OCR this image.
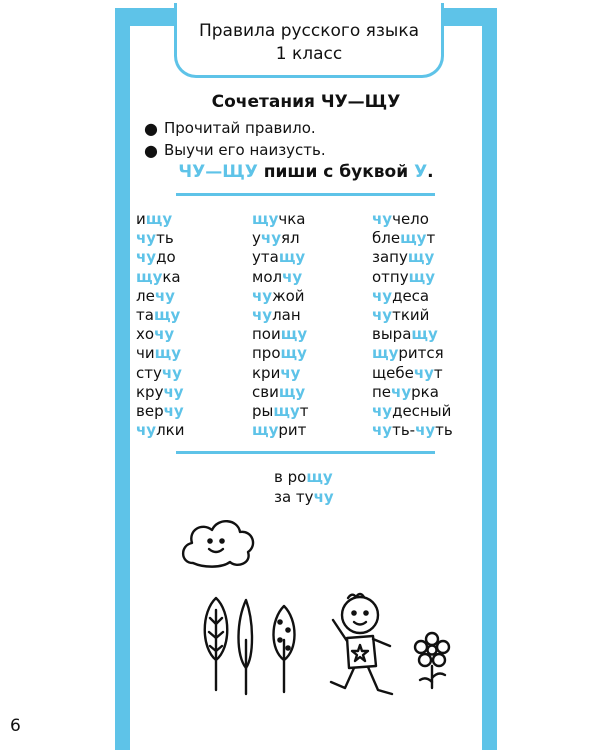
Правила русского языка
1 класс
6
Сочетания ЧУ—ЩУ
● Прочитай правило.
● Выучи его наизусть.
ЧУ—ЩУ пиши с буквой У.
ищу
чуть
чудо
щука
лечу
тащу
хочу
чищу
стучу
кручу
верчу
чулки
щучка
учуял
утащу
молчу
чужой
чулан
поищу
прощу
кричу
свищу
рыщут
щурит
чучело
блещут
запущу
отпущу
чудеса
чуткий
выращу
щурится
щебечут
печурка
чудесный
чуть-чуть
в рощу
за тучу
